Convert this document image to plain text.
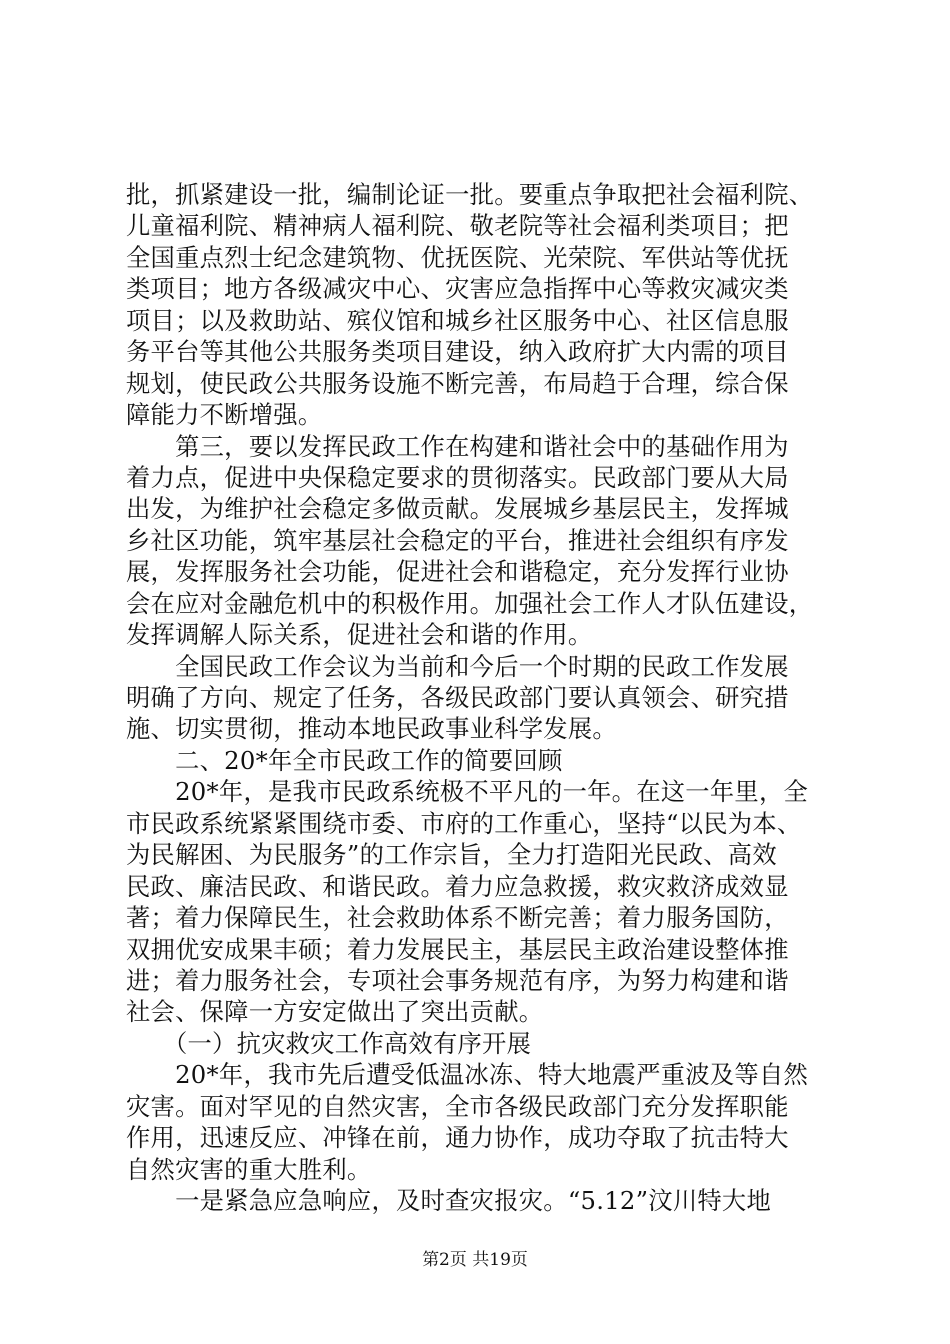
批，抓紧建设一批，编制论证一批。要重点争取把社会福利院、
儿童福利院、精神病人福利院、敬老院等社会福利类项目；把
全国重点烈士纪念建筑物、优抚医院、光荣院、军供站等优抚
类项目；地方各级减灾中心、灾害应急指挥中心等救灾减灾类
项目；以及救助站、殡仪馆和城乡社区服务中心、社区信息服
务平台等其他公共服务类项目建设，纳入政府扩大内需的项目
规划，使民政公共服务设施不断完善，布局趋于合理，综合保
障能力不断增强。
　　第三，要以发挥民政工作在构建和谐社会中的基础作用为
着力点，促进中央保稳定要求的贯彻落实。民政部门要从大局
出发，为维护社会稳定多做贡献。发展城乡基层民主，发挥城
乡社区功能，筑牢基层社会稳定的平台，推进社会组织有序发
展，发挥服务社会功能，促进社会和谐稳定，充分发挥行业协
会在应对金融危机中的积极作用。加强社会工作人才队伍建设，
发挥调解人际关系，促进社会和谐的作用。
　　全国民政工作会议为当前和今后一个时期的民政工作发展
明确了方向、规定了任务，各级民政部门要认真领会、研究措
施、切实贯彻，推动本地民政事业科学发展。
　　二、20*年全市民政工作的简要回顾
　　20*年，是我市民政系统极不平凡的一年。在这一年里，全
市民政系统紧紧围绕市委、市府的工作重心，坚持“以民为本、
为民解困、为民服务”的工作宗旨，全力打造阳光民政、高效
民政、廉洁民政、和谐民政。着力应急救援，救灾救济成效显
著；着力保障民生，社会救助体系不断完善；着力服务国防，
双拥优安成果丰硕；着力发展民主，基层民主政治建设整体推
进；着力服务社会，专项社会事务规范有序，为努力构建和谐
社会、保障一方安定做出了突出贡献。
　　（一）抗灾救灾工作高效有序开展
　　20*年，我市先后遭受低温冰冻、特大地震严重波及等自然
灾害。面对罕见的自然灾害，全市各级民政部门充分发挥职能
作用，迅速反应、冲锋在前，通力协作，成功夺取了抗击特大
自然灾害的重大胜利。
　　一是紧急应急响应，及时查灾报灾。“5.12”汶川特大地
第2页 共19页
